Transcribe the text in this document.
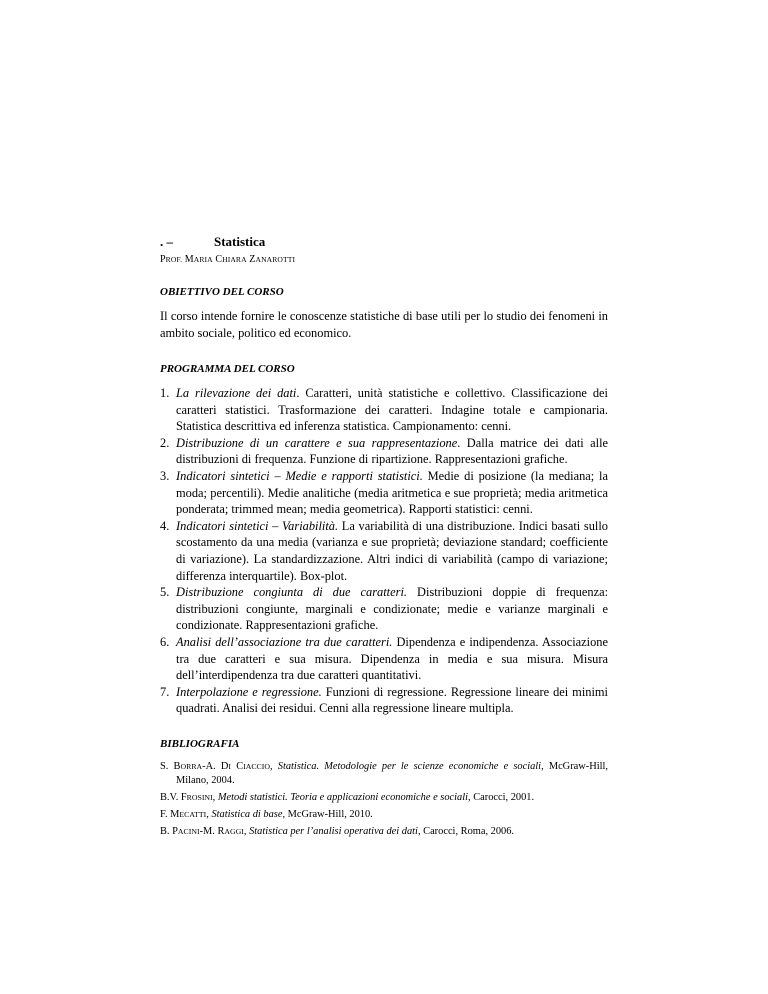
. –	Statistica
PROF. MARIA CHIARA ZANAROTTI
OBIETTIVO DEL CORSO

Il corso intende fornire le conoscenze statistiche di base utili per lo studio dei fenomeni in ambito sociale, politico ed economico.

PROGRAMMA DEL CORSO
1. La rilevazione dei dati. Caratteri, unità statistiche e collettivo. Classificazione dei caratteri statistici. Trasformazione dei caratteri. Indagine totale e campionaria. Statistica descrittiva ed inferenza statistica. Campionamento: cenni.
2. Distribuzione di un carattere e sua rappresentazione. Dalla matrice dei dati alle distribuzioni di frequenza. Funzione di ripartizione. Rappresentazioni grafiche.
3. Indicatori sintetici – Medie e rapporti statistici. Medie di posizione (la mediana; la moda; percentili). Medie analitiche (media aritmetica e sue proprietà; media aritmetica ponderata; trimmed mean; media geometrica). Rapporti statistici: cenni.
4. Indicatori sintetici – Variabilità. La variabilità di una distribuzione. Indici basati sullo scostamento da una media (varianza e sue proprietà; deviazione standard; coefficiente di variazione). La standardizzazione. Altri indici di variabilità (campo di variazione; differenza interquartile). Box-plot.
5. Distribuzione congiunta di due caratteri. Distribuzioni doppie di frequenza: distribuzioni congiunte, marginali e condizionate; medie e varianze marginali e condizionate. Rappresentazioni grafiche.
6. Analisi dell’associazione tra due caratteri. Dipendenza e indipendenza. Associazione tra due caratteri e sua misura. Dipendenza in media e sua misura. Misura dell’interdipendenza tra due caratteri quantitativi.
7. Interpolazione e regressione. Funzioni di regressione. Regressione lineare dei minimi quadrati. Analisi dei residui. Cenni alla regressione lineare multipla.
BIBLIOGRAFIA
S. BORRA-A. DI CIACCIO, Statistica. Metodologie per le scienze economiche e sociali, McGraw-Hill, Milano, 2004.
B.V. FROSINI, Metodi statistici. Teoria e applicazioni economiche e sociali, Carocci, 2001.
F. MECATTI, Statistica di base, McGraw-Hill, 2010.
B. PACINI-M. RAGGI, Statistica per l’analisi operativa dei dati, Carocci, Roma, 2006.
